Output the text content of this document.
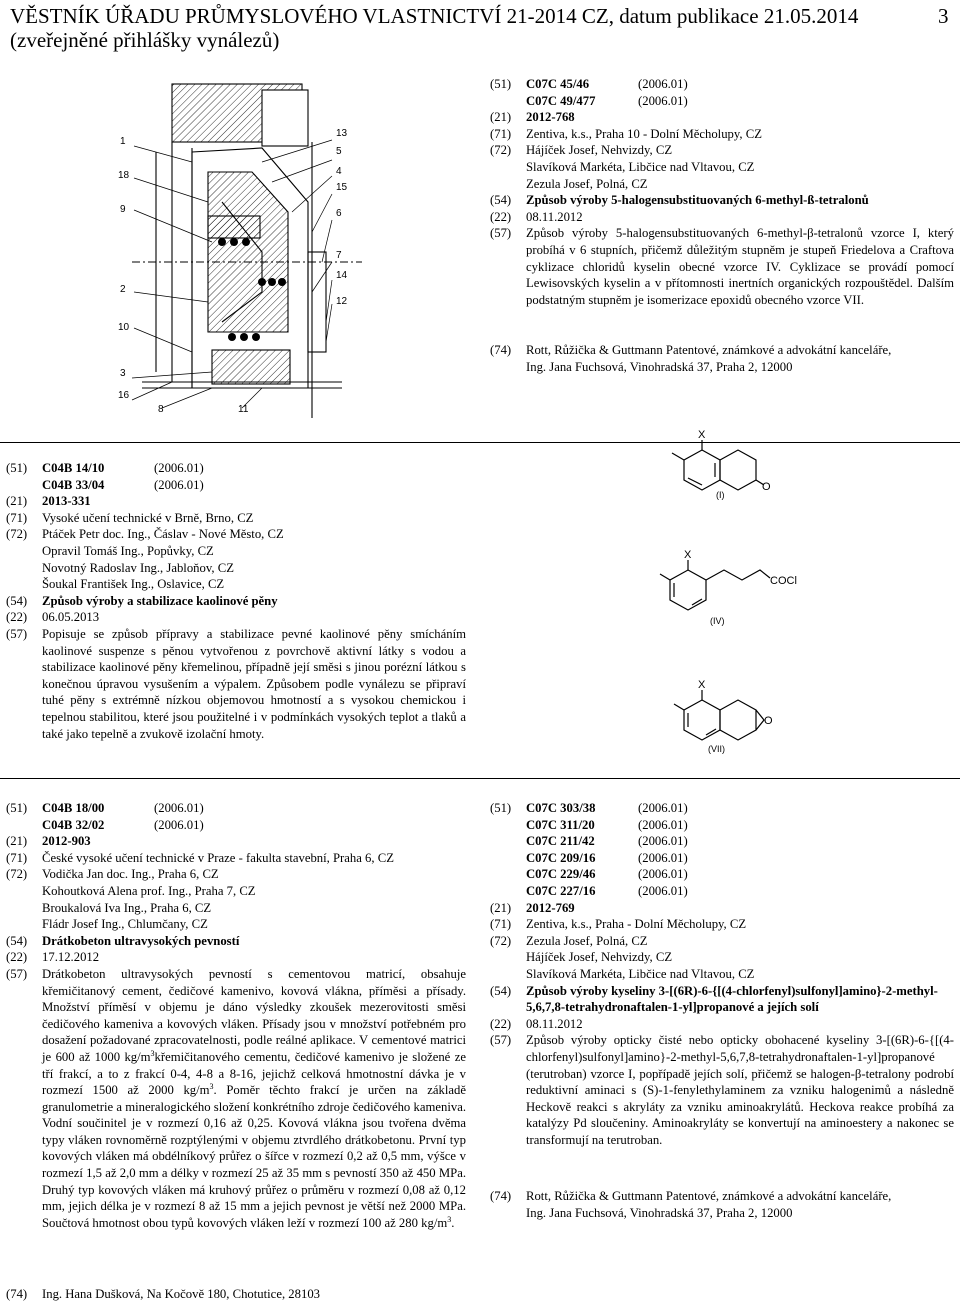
VĚSTNÍK ÚŘADU PRŮMYSLOVÉHO VLASTNICTVÍ 21-2014 CZ, datum publikace 21.05.2014
(zveřejněné přihlášky vynálezů)
3
1
18
9
2
10
3
16
8	11
13
5
4
15
6
7
14
12
(51)	C07C 45/46	(2006.01)
C07C 49/477	(2006.01)
(21)	2012-768
(71)	Zentiva, k.s., Praha 10 - Dolní Měcholupy, CZ
(72)	Hájíček Josef, Nehvizdy, CZ
Slavíková Markéta, Libčice nad Vltavou, CZ
Zezula Josef, Polná, CZ
(54)	Způsob výroby 5-halogensubstituovaných 6-methyl-ß-tetralonů
(22)	08.11.2012
(57)	Způsob výroby 5-halogensubstituovaných 6-methyl-β-tetralonů vzorce I, který probíhá v 6 stupních, přičemž důležitým stupněm je stupeň Friedelova a Craftova cyklizace chloridů kyselin obecné vzorce IV. Cyklizace se provádí pomocí Lewisovských kyselin a v přítomnosti inertních organických rozpouštědel. Dalším podstatným stupněm je isomerizace epoxidů obecného vzorce VII.
(74)	Rott, Růžička & Guttmann Patentové, známkové a advokátní kanceláře,
Ing. Jana Fuchsová, Vinohradská 37, Praha 2, 12000
(51)	C04B 14/10	(2006.01)
C04B 33/04	(2006.01)
(21)	2013-331
(71)	Vysoké učení technické v Brně, Brno, CZ
(72)	Ptáček Petr doc. Ing., Čáslav - Nové Město, CZ
Opravil Tomáš Ing., Popůvky, CZ
Novotný Radoslav Ing., Jabloňov, CZ
Šoukal František Ing., Oslavice, CZ
(54)	Způsob výroby a stabilizace kaolinové pěny
(22)	06.05.2013
(57)	Popisuje se způsob přípravy a stabilizace pevné kaolinové pěny smícháním kaolinové suspenze s pěnou vytvořenou z povrchově aktivní látky s vodou a stabilizace kaolinové pěny křemelinou, případně její směsi s jinou porézní látkou s konečnou úpravou vysušením a výpalem. Způsobem podle vynálezu se připraví tuhé pěny s extrémně nízkou objemovou hmotností a s vysokou chemickou i tepelnou stabilitou, které jsou použitelné i v podmínkách vysokých teplot a tlaků a také jako tepelně a zvukově izolační hmoty.
X
O
(I)
X
COCl
(IV)
X
O
(VII)
(51)	C04B 18/00	(2006.01)
C04B 32/02	(2006.01)
(21)	2012-903
(71)	České vysoké učení technické v Praze - fakulta stavební, Praha 6, CZ
(72)	Vodička Jan doc. Ing., Praha 6, CZ
Kohoutková Alena prof. Ing., Praha 7, CZ
Broukalová Iva Ing., Praha 6, CZ
Fládr Josef Ing., Chlumčany, CZ
(54)	Drátkobeton ultravysokých pevností
(22)	17.12.2012
(57)	Drátkobeton ultravysokých pevností s cementovou matricí, obsahuje křemičitanový cement, čedičové kamenivo, kovová vlákna, příměsi a přísady. Množství příměsí v objemu je dáno výsledky zkoušek mezerovitosti směsi čedičového kameniva a kovových vláken. Přísady jsou v množství potřebném pro dosažení požadované zpracovatelnosti, podle reálné aplikace. V cementové matrici je 600 až 1000 $kg/m^3křemičitanového$ cementu, čedičové kamenivo je složené ze tří frakcí, a to z frakcí 0-4, 4-8 a 8-16, jejichž celková hmotnostní dávka je v rozmezí 1500 až 2000 $kg/m^3$. Poměr těchto frakcí je určen na základě granulometrie a mineralogického složení konkrétního zdroje čedičového kameniva. Vodní součinitel je v rozmezí 0,16 až 0,25. Kovová vlákna jsou tvořena dvěma typy vláken rovnoměrně rozptýlenými v objemu ztvrdlého drátkobetonu. První typ kovových vláken má obdélníkový průřez o šířce v rozmezí 0,2 až 0,5 mm, výšce v rozmezí 1,5 až 2,0 mm a délky v rozmezí 25 až 35 mm s pevností 350 až 450 MPa. Druhý typ kovových vláken má kruhový průřez o průměru v rozmezí 0,08 až 0,12 mm, jejich délka je v rozmezí 8 až 15 mm a jejich pevnost je větší než 2000 MPa. Součtová hmotnost obou typů kovových vláken leží v rozmezí 100 až 280 $kg/m^3$.
(51)	C07C 303/38	(2006.01)
C07C 311/20	(2006.01)
C07C 211/42	(2006.01)
C07C 209/16	(2006.01)
C07C 229/46	(2006.01)
C07C 227/16	(2006.01)
(21)	2012-769
(71)	Zentiva, k.s., Praha - Dolní Měcholupy, CZ
(72)	Zezula Josef, Polná, CZ
Hájíček Josef, Nehvizdy, CZ
Slavíková Markéta, Libčice nad Vltavou, CZ
(54)	Způsob výroby kyseliny 3-[(6R)-6-{[(4-chlorfenyl)sulfonyl]amino}-2-methyl-5,6,7,8-tetrahydronaftalen-1-yl]propanové a jejích solí
(22)	08.11.2012
(57)	Způsob výroby opticky čisté nebo opticky obohacené kyseliny 3-[(6R)-6-{[(4-chlorfenyl)sulfonyl]amino}-2-methyl-5,6,7,8-tetrahydronaftalen-1-yl]propanové (terutroban) vzorce I, popřípadě jejích solí, přičemž se halogen-β-tetralony podrobí reduktivní aminaci s (S)-1-fenylethylaminem za vzniku halogenimů a následně Heckově reakci s akryláty za vzniku aminoakrylátů. Heckova reakce probíhá za katalýzy Pd sloučeniny. Aminoakryláty se konvertují na aminoestery a nakonec se transformují na terutroban.
(74)	Rott, Růžička & Guttmann Patentové, známkové a advokátní kanceláře,
Ing. Jana Fuchsová, Vinohradská 37, Praha 2, 12000
(74)	Ing. Hana Dušková, Na Kočově 180, Chotutice, 28103
